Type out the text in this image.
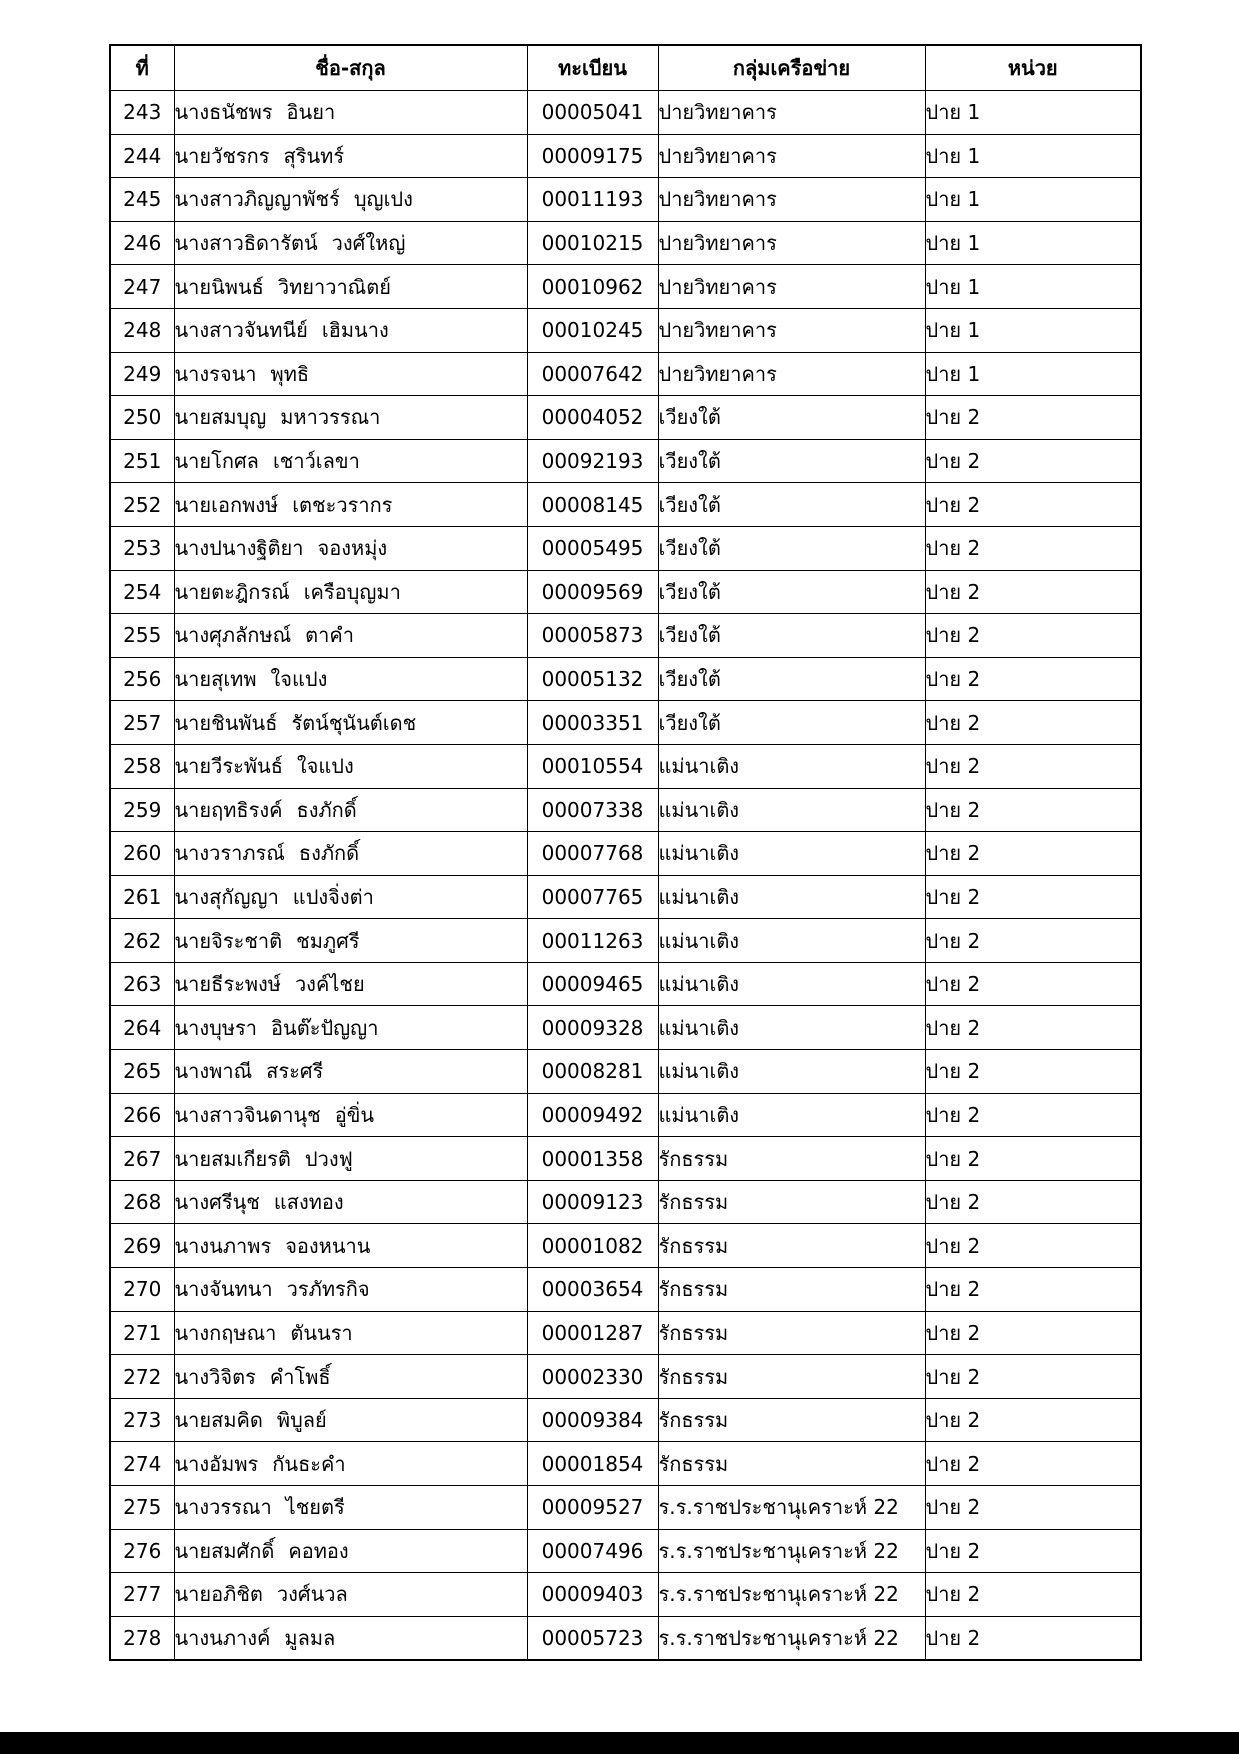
ที่	ชื่อ-สกุล	ทะเบียน	กลุ่มเครือข่าย	หน่วย
243	นางธนัชพร อินยา	00005041	ปายวิทยาคาร	ปาย 1
244	นายวัชรกร สุรินทร์	00009175	ปายวิทยาคาร	ปาย 1
245	นางสาวภิญญาพัชร์ บุญเปง	00011193	ปายวิทยาคาร	ปาย 1
246	นางสาวธิดารัตน์ วงศ์ใหญ่	00010215	ปายวิทยาคาร	ปาย 1
247	นายนิพนธ์ วิทยาวาณิตย์	00010962	ปายวิทยาคาร	ปาย 1
248	นางสาวจันทนีย์ เฮิมนาง	00010245	ปายวิทยาคาร	ปาย 1
249	นางรจนา พุทธิ	00007642	ปายวิทยาคาร	ปาย 1
250	นายสมบุญ มหาวรรณา	00004052	เวียงใต้	ปาย 2
251	นายโกศล เชาว์เลขา	00092193	เวียงใต้	ปาย 2
252	นายเอกพงษ์ เตชะวรากร	00008145	เวียงใต้	ปาย 2
253	นางปนางฐิติยา จองหมุ่ง	00005495	เวียงใต้	ปาย 2
254	นายตะฎิกรณ์ เครือบุญมา	00009569	เวียงใต้	ปาย 2
255	นางศุภลักษณ์ ตาคำ	00005873	เวียงใต้	ปาย 2
256	นายสุเทพ ใจแปง	00005132	เวียงใต้	ปาย 2
257	นายชินพันธ์ รัตน์ชุนันต์เดช	00003351	เวียงใต้	ปาย 2
258	นายวีระพันธ์ ใจแปง	00010554	แม่นาเติง	ปาย 2
259	นายฤทธิรงค์ ธงภักดิ์	00007338	แม่นาเติง	ปาย 2
260	นางวราภรณ์ ธงภักดิ์	00007768	แม่นาเติง	ปาย 2
261	นางสุกัญญา แปงจิ่งต่า	00007765	แม่นาเติง	ปาย 2
262	นายจิระชาติ ชมภูศรี	00011263	แม่นาเติง	ปาย 2
263	นายธีระพงษ์ วงค์ไชย	00009465	แม่นาเติง	ปาย 2
264	นางบุษรา อินต๊ะปัญญา	00009328	แม่นาเติง	ปาย 2
265	นางพาณี สระศรี	00008281	แม่นาเติง	ปาย 2
266	นางสาวจินดานุช อู่ขิ่น	00009492	แม่นาเติง	ปาย 2
267	นายสมเกียรติ ปวงฟู	00001358	รักธรรม	ปาย 2
268	นางศรีนุช แสงทอง	00009123	รักธรรม	ปาย 2
269	นางนภาพร จองหนาน	00001082	รักธรรม	ปาย 2
270	นางจันทนา วรภัทรกิจ	00003654	รักธรรม	ปาย 2
271	นางกฤษณา ตันนรา	00001287	รักธรรม	ปาย 2
272	นางวิจิตร คำโพธิ์	00002330	รักธรรม	ปาย 2
273	นายสมคิด พิบูลย์	00009384	รักธรรม	ปาย 2
274	นางอัมพร กันธะคำ	00001854	รักธรรม	ปาย 2
275	นางวรรณา ไชยตรี	00009527	ร.ร.ราชประชานุเคราะห์ 22	ปาย 2
276	นายสมศักดิ์ คอทอง	00007496	ร.ร.ราชประชานุเคราะห์ 22	ปาย 2
277	นายอภิชิต วงศ์นวล	00009403	ร.ร.ราชประชานุเคราะห์ 22	ปาย 2
278	นางนภางค์ มูลมล	00005723	ร.ร.ราชประชานุเคราะห์ 22	ปาย 2
